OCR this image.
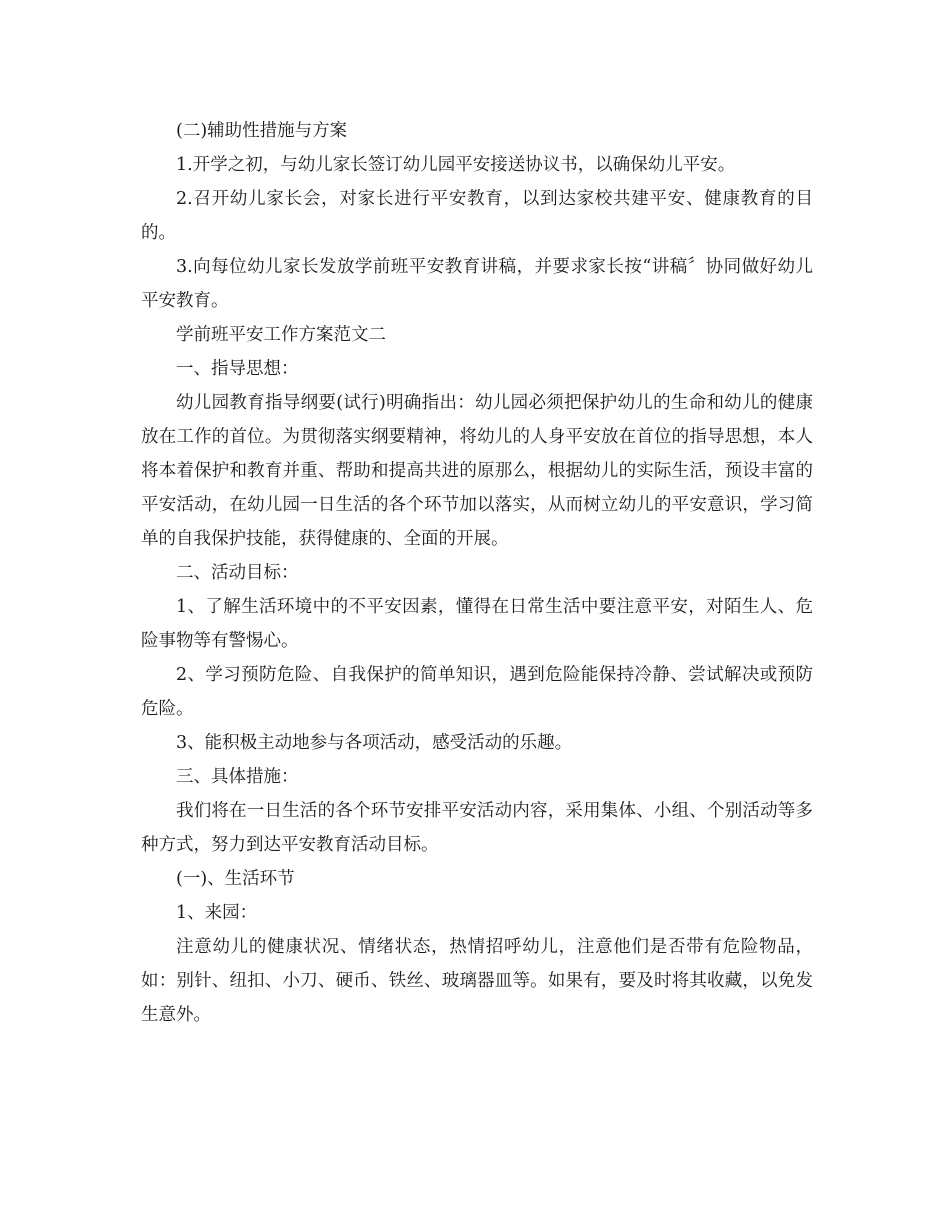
(二)辅助性措施与方案

1.开学之初，与幼儿家长签订幼儿园平安接送协议书，以确保幼儿平安。

2.召开幼儿家长会，对家长进行平安教育，以到达家校共建平安、健康教育的目的。

3.向每位幼儿家长发放学前班平安教育讲稿，并要求家长按“讲稿〞协同做好幼儿平安教育。

学前班平安工作方案范文二

一、指导思想：

幼儿园教育指导纲要(试行)明确指出：幼儿园必须把保护幼儿的生命和幼儿的健康放在工作的首位。为贯彻落实纲要精神，将幼儿的人身平安放在首位的指导思想，本人将本着保护和教育并重、帮助和提高共进的原那么，根据幼儿的实际生活，预设丰富的平安活动，在幼儿园一日生活的各个环节加以落实，从而树立幼儿的平安意识，学习简单的自我保护技能，获得健康的、全面的开展。

二、活动目标：

1、了解生活环境中的不平安因素，懂得在日常生活中要注意平安，对陌生人、危险事物等有警惕心。

2、学习预防危险、自我保护的简单知识，遇到危险能保持冷静、尝试解决或预防危险。

3、能积极主动地参与各项活动，感受活动的乐趣。

三、具体措施：

我们将在一日生活的各个环节安排平安活动内容，采用集体、小组、个别活动等多种方式，努力到达平安教育活动目标。

(一)、生活环节

1、来园：

注意幼儿的健康状况、情绪状态，热情招呼幼儿，注意他们是否带有危险物品，如：别针、纽扣、小刀、硬币、铁丝、玻璃器皿等。如果有，要及时将其收藏，以免发生意外。
